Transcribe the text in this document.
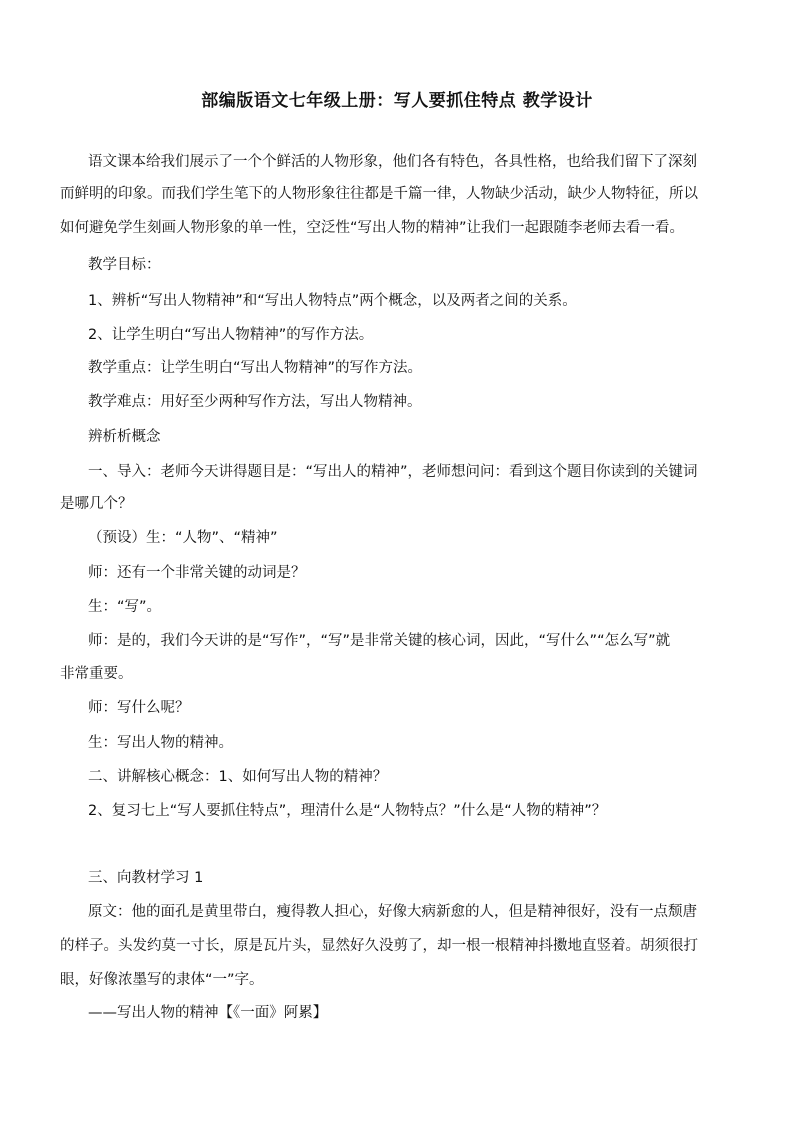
部编版语文七年级上册：写人要抓住特点 教学设计
语文课本给我们展示了一个个鲜活的人物形象，他们各有特色，各具性格，也给我们留下了深刻
而鲜明的印象。而我们学生笔下的人物形象往往都是千篇一律，人物缺少活动，缺少人物特征，所以
如何避免学生刻画人物形象的单一性，空泛性“写出人物的精神”让我们一起跟随李老师去看一看。
教学目标：
1、辨析“写出人物精神”和“写出人物特点”两个概念，以及两者之间的关系。
2、让学生明白“写出人物精神”的写作方法。
教学重点：让学生明白“写出人物精神”的写作方法。
教学难点：用好至少两种写作方法，写出人物精神。
辨析析概念
一、导入：老师今天讲得题目是：“写出人的精神”，老师想问问：看到这个题目你读到的关键词
是哪几个？
（预设）生：“人物”、“精神”
师：还有一个非常关键的动词是？
生：“写”。
师：是的，我们今天讲的是“写作”，“写”是非常关键的核心词，因此，“写什么”“怎么写”就
非常重要。
师：写什么呢？
生：写出人物的精神。
二、讲解核心概念：1、如何写出人物的精神？
2、复习七上“写人要抓住特点”，理清什么是“人物特点？”什么是“人物的精神”？
三、向教材学习 1
原文：他的面孔是黄里带白，瘦得教人担心，好像大病新愈的人，但是精神很好，没有一点颓唐
的样子。头发约莫一寸长，原是瓦片头，显然好久没剪了，却一根一根精神抖擞地直竖着。胡须很打
眼，好像浓墨写的隶体“一”字。
——写出人物的精神【《一面》阿累】
